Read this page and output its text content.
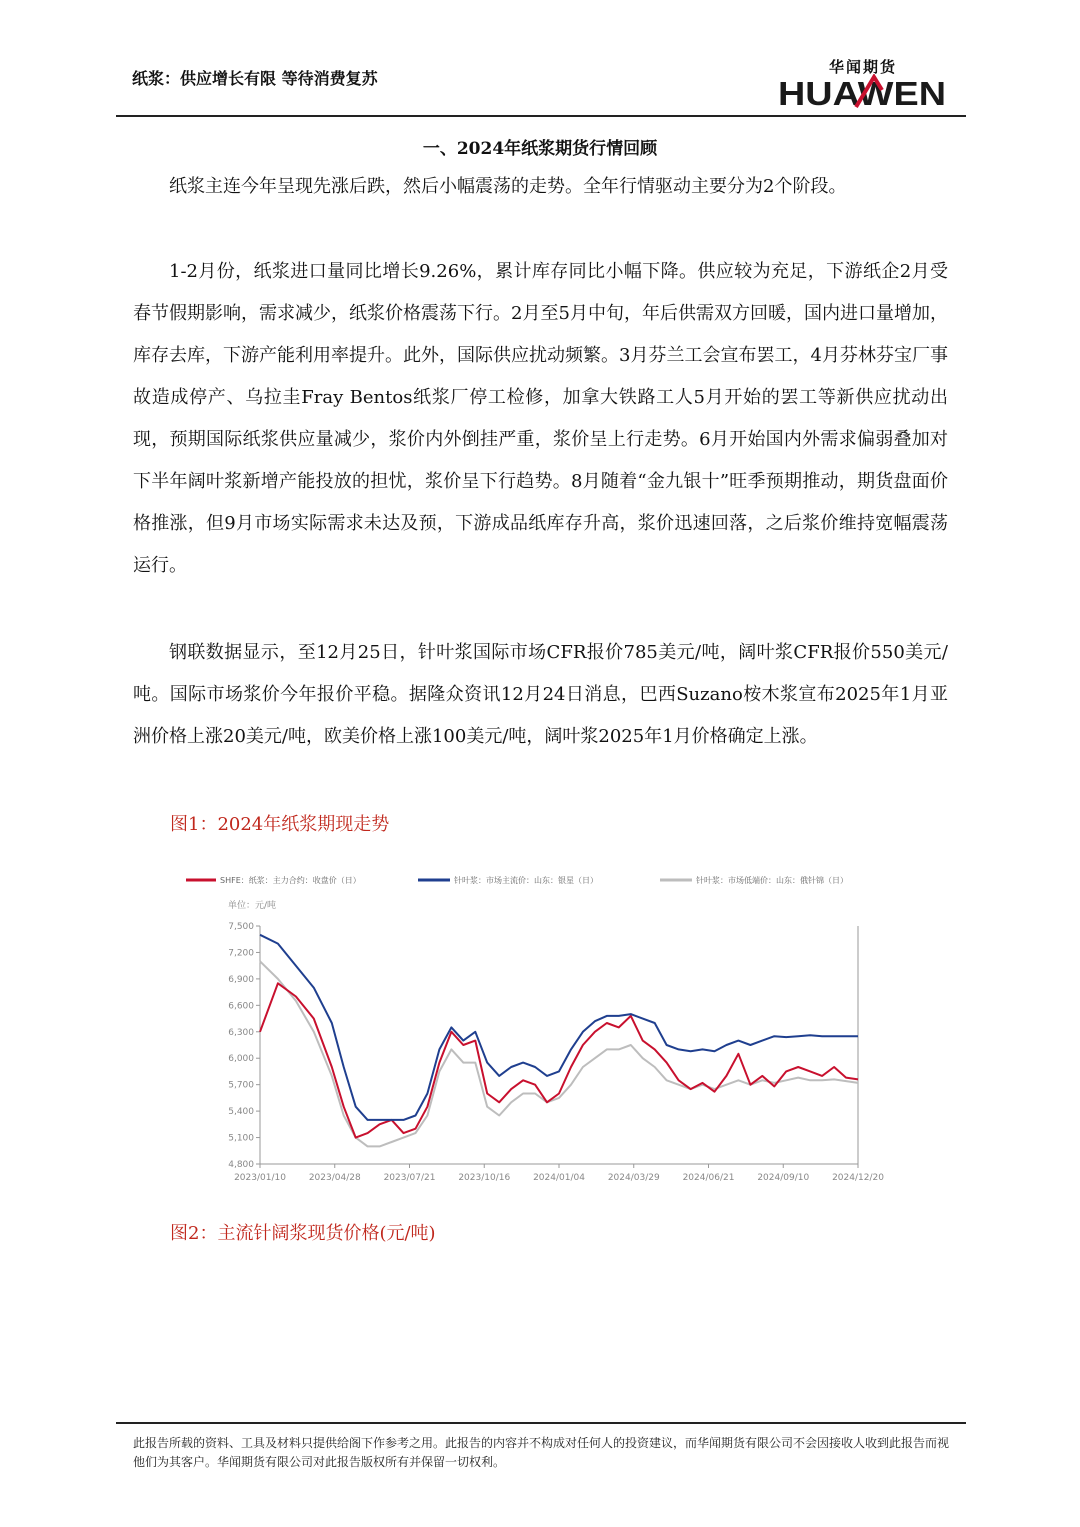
纸浆：供应增长有限 等待消费复苏
华闻期货
HUAWEN
一、2024年纸浆期货行情回顾

纸浆主连今年呈现先涨后跌，然后小幅震荡的走势。全年行情驱动主要分为2个阶段。

1-2月份，纸浆进口量同比增长9.26%，累计库存同比小幅下降。供应较为充足，下游纸企2月受春节假期影响，需求减少，纸浆价格震荡下行。2月至5月中旬，年后供需双方回暖，国内进口量增加，库存去库，下游产能利用率提升。此外，国际供应扰动频繁。3月芬兰工会宣布罢工，4月芬林芬宝厂事故造成停产、乌拉圭Fray Bentos纸浆厂停工检修，加拿大铁路工人5月开始的罢工等新供应扰动出现，预期国际纸浆供应量减少，浆价内外倒挂严重，浆价呈上行走势。6月开始国内外需求偏弱叠加对下半年阔叶浆新增产能投放的担忧，浆价呈下行趋势。8月随着“金九银十”旺季预期推动，期货盘面价格推涨，但9月市场实际需求未达及预，下游成品纸库存升高，浆价迅速回落，之后浆价维持宽幅震荡运行。

钢联数据显示，至12月25日，针叶浆国际市场CFR报价785美元/吨，阔叶浆CFR报价550美元/吨。国际市场浆价今年报价平稳。据隆众资讯12月24日消息，巴西Suzano桉木浆宣布2025年1月亚洲价格上涨20美元/吨，欧美价格上涨100美元/吨，阔叶浆2025年1月价格确定上涨。

图1：2024年纸浆期现走势
SHFE：纸浆：主力合约：收盘价（日）	针叶浆：市场主流价：山东：银星（日）	针叶浆：市场低端价：山东：俄针锦（日）
单位：元/吨
4,800
5,100
5,400
5,700
6,000
6,300
6,600
6,900
7,200
7,500
2023/01/10	2023/04/28	2023/07/21	2023/10/16	2024/01/04	2024/03/29	2024/06/21	2024/09/10	2024/12/20
图2：主流针阔浆现货价格(元/吨)
此报告所载的资料、工具及材料只提供给阁下作参考之用。此报告的内容并不构成对任何人的投资建议，而华闻期货有限公司不会因接收人收到此报告而视他们为其客户。华闻期货有限公司对此报告版权所有并保留一切权利。
